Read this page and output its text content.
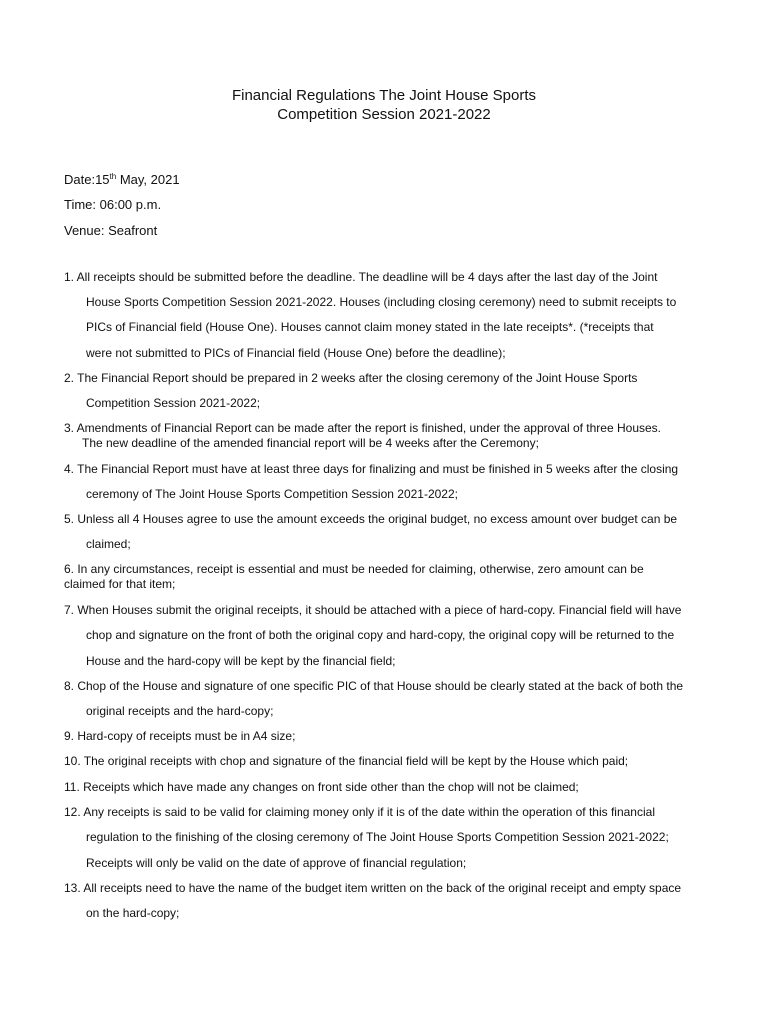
Financial Regulations The Joint House Sports
Competition Session 2021-2022
Date:15th May, 2021
Time: 06:00 p.m.
Venue: Seafront
1. All receipts should be submitted before the deadline. The deadline will be 4 days after the last day of the Joint
House Sports Competition Session 2021-2022. Houses (including closing ceremony) need to submit receipts to
PICs of Financial field (House One). Houses cannot claim money stated in the late receipts*. (*receipts that
were not submitted to PICs of Financial field (House One) before the deadline);
2. The Financial Report should be prepared in 2 weeks after the closing ceremony of the Joint House Sports
Competition Session 2021-2022;
3. Amendments of Financial Report can be made after the report is finished, under the approval of three Houses.
The new deadline of the amended financial report will be 4 weeks after the Ceremony;
4. The Financial Report must have at least three days for finalizing and must be finished in 5 weeks after the closing
ceremony of The Joint House Sports Competition Session 2021-2022;
5. Unless all 4 Houses agree to use the amount exceeds the original budget, no excess amount over budget can be
claimed;
6. In any circumstances, receipt is essential and must be needed for claiming, otherwise, zero amount can be
claimed for that item;
7. When Houses submit the original receipts, it should be attached with a piece of hard-copy. Financial field will have
chop and signature on the front of both the original copy and hard-copy, the original copy will be returned to the
House and the hard-copy will be kept by the financial field;
8. Chop of the House and signature of one specific PIC of that House should be clearly stated at the back of both the
original receipts and the hard-copy;
9. Hard-copy of receipts must be in A4 size;
10. The original receipts with chop and signature of the financial field will be kept by the House which paid;
11. Receipts which have made any changes on front side other than the chop will not be claimed;
12. Any receipts is said to be valid for claiming money only if it is of the date within the operation of this financial
regulation to the finishing of the closing ceremony of The Joint House Sports Competition Session 2021-2022;
Receipts will only be valid on the date of approve of financial regulation;
13. All receipts need to have the name of the budget item written on the back of the original receipt and empty space
on the hard-copy;
